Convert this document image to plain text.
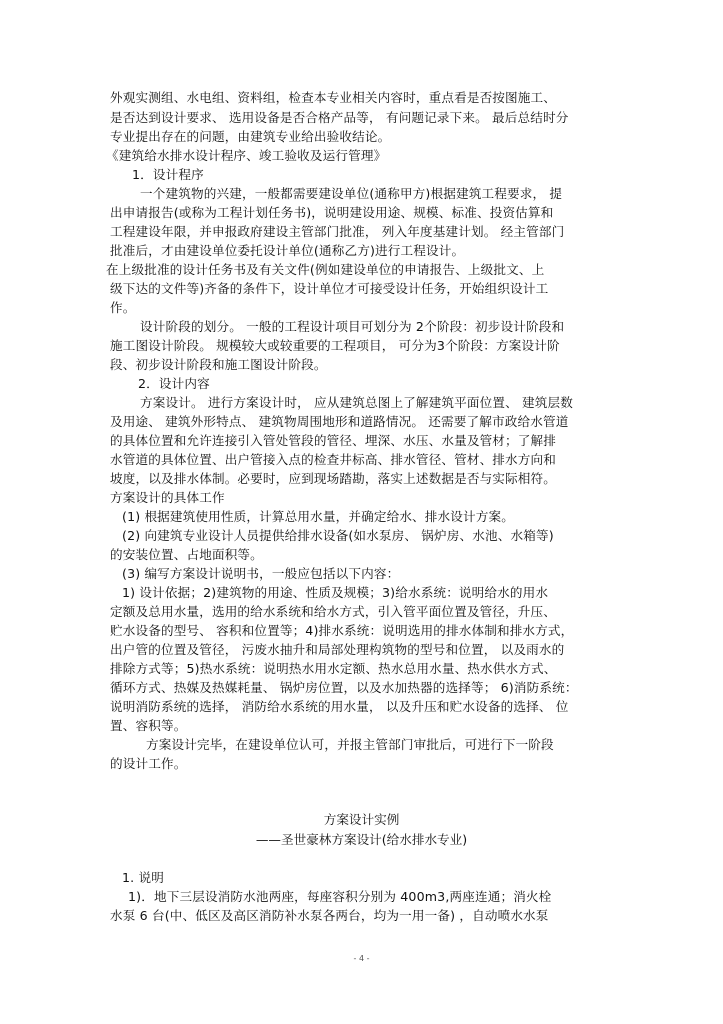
外观实测组、水电组、资料组，检查本专业相关内容时，重点看是否按图施工、
是否达到设计要求、 选用设备是否合格产品等， 有问题记录下来。 最后总结时分
专业提出存在的问题，由建筑专业给出验收结论。
《建筑给水排水设计程序、竣工验收及运行管理》
1．设计程序
一个建筑物的兴建，一般都需要建设单位(通称甲方)根据建筑工程要求， 提
出申请报告(或称为工程计划任务书)，说明建设用途、规模、标准、投资估算和
工程建设年限，并申报政府建设主管部门批准， 列入年度基建计划。 经主管部门
批准后，才由建设单位委托设计单位(通称乙方)进行工程设计。
在上级批准的设计任务书及有关文件(例如建设单位的申请报告、上级批文、上
级下达的文件等)齐备的条件下，设计单位才可接受设计任务，开始组织设计工
作。
设计阶段的划分。 一般的工程设计项目可划分为 2个阶段：初步设计阶段和
施工图设计阶段。 规模较大或较重要的工程项目， 可分为3个阶段：方案设计阶
段、初步设计阶段和施工图设计阶段。
2．设计内容
方案设计。 进行方案设计时， 应从建筑总图上了解建筑平面位置、 建筑层数
及用途、 建筑外形特点、 建筑物周围地形和道路情况。 还需要了解市政给水管道
的具体位置和允许连接引入管处管段的管径、埋深、水压、水量及管材；了解排
水管道的具体位置、出户管接入点的检查井标高、排水管径、管材、排水方向和
坡度，以及排水体制。必要时，应到现场踏勘，落实上述数据是否与实际相符。
方案设计的具体工作
(1) 根据建筑使用性质，计算总用水量，并确定给水、排水设计方案。
(2) 向建筑专业设计人员提供给排水设备(如水泵房、 锅炉房、水池、水箱等)
的安装位置、占地面积等。
(3) 编写方案设计说明书，一般应包括以下内容：
1) 设计依据；2)建筑物的用途、性质及规模；3)给水系统：说明给水的用水
定额及总用水量，选用的给水系统和给水方式，引入管平面位置及管径，升压、
贮水设备的型号、 容积和位置等；4)排水系统：说明选用的排水体制和排水方式，
出户管的位置及管径， 污废水抽升和局部处理构筑物的型号和位置， 以及雨水的
排除方式等；5)热水系统：说明热水用水定额、热水总用水量、热水供水方式、
循环方式、热媒及热媒耗量、 锅炉房位置，以及水加热器的选择等； 6)消防系统：
说明消防系统的选择， 消防给水系统的用水量， 以及升压和贮水设备的选择、 位
置、容积等。
方案设计完毕，在建设单位认可，并报主管部门审批后，可进行下一阶段
的设计工作。
方案设计实例
——圣世豪林方案设计(给水排水专业)
1. 说明
1)．地下三层设消防水池两座，每座容积分别为 400m3,两座连通；消火栓
水泵 6 台(中、低区及高区消防补水泵各两台，均为一用一备) ，自动喷水水泵
- 4 -
